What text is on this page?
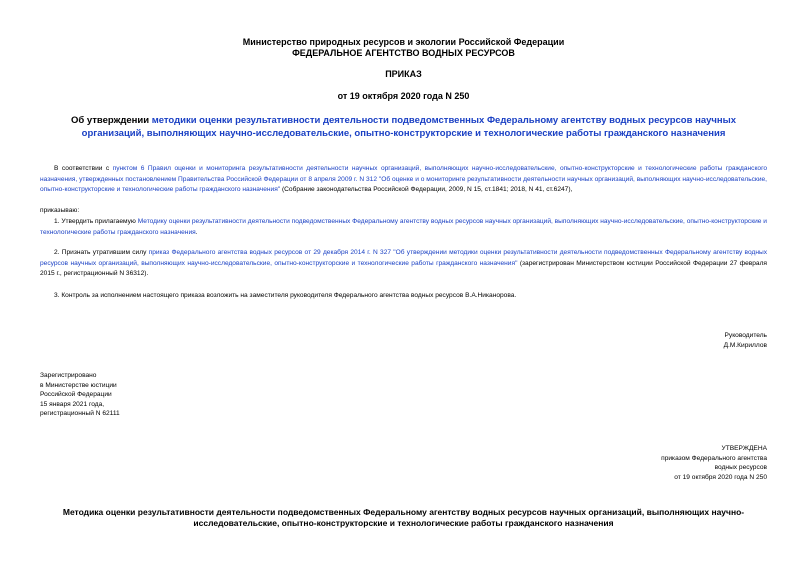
Министерство природных ресурсов и экологии Российской Федерации
ФЕДЕРАЛЬНОЕ АГЕНТСТВО ВОДНЫХ РЕСУРСОВ
ПРИКАЗ
от 19 октября 2020 года N 250
Об утверждении методики оценки результативности деятельности подведомственных Федеральному агентству водных ресурсов научных организаций, выполняющих научно-исследовательские, опытно-конструкторские и технологические работы гражданского назначения
В соответствии с пунктом 6 Правил оценки и мониторинга результативности деятельности научных организаций, выполняющих научно-исследовательские, опытно-конструкторские и технологические работы гражданского назначения, утвержденных постановлением Правительства Российской Федерации от 8 апреля 2009 г. N 312 "Об оценке и о мониторинге результативности деятельности научных организаций, выполняющих научно-исследовательские, опытно-конструкторские и технологические работы гражданского назначения" (Собрание законодательства Российской Федерации, 2009, N 15, ст.1841; 2018, N 41, ст.6247),
приказываю:
1. Утвердить прилагаемую Методику оценки результативности деятельности подведомственных Федеральному агентству водных ресурсов научных организаций, выполняющих научно-исследовательские, опытно-конструкторские и технологические работы гражданского назначения.
2. Признать утратившим силу приказ Федерального агентства водных ресурсов от 29 декабря 2014 г. N 327 "Об утверждении методики оценки результативности деятельности подведомственных Федеральному агентству водных ресурсов научных организаций, выполняющих научно-исследовательские, опытно-конструкторские и технологические работы гражданского назначения" (зарегистрирован Министерством юстиции Российской Федерации 27 февраля 2015 г., регистрационный N 36312).
3. Контроль за исполнением настоящего приказа возложить на заместителя руководителя Федерального агентства водных ресурсов В.А.Никанорова.
Руководитель
Д.М.Кириллов
Зарегистрировано
в Министерстве юстиции
Российской Федерации
15 января 2021 года,
регистрационный N 62111
УТВЕРЖДЕНА
приказом Федерального агентства
водных ресурсов
от 19 октября 2020 года N 250
Методика оценки результативности деятельности подведомственных Федеральному агентству водных ресурсов научных организаций, выполняющих научно-исследовательские, опытно-конструкторские и технологические работы гражданского назначения
